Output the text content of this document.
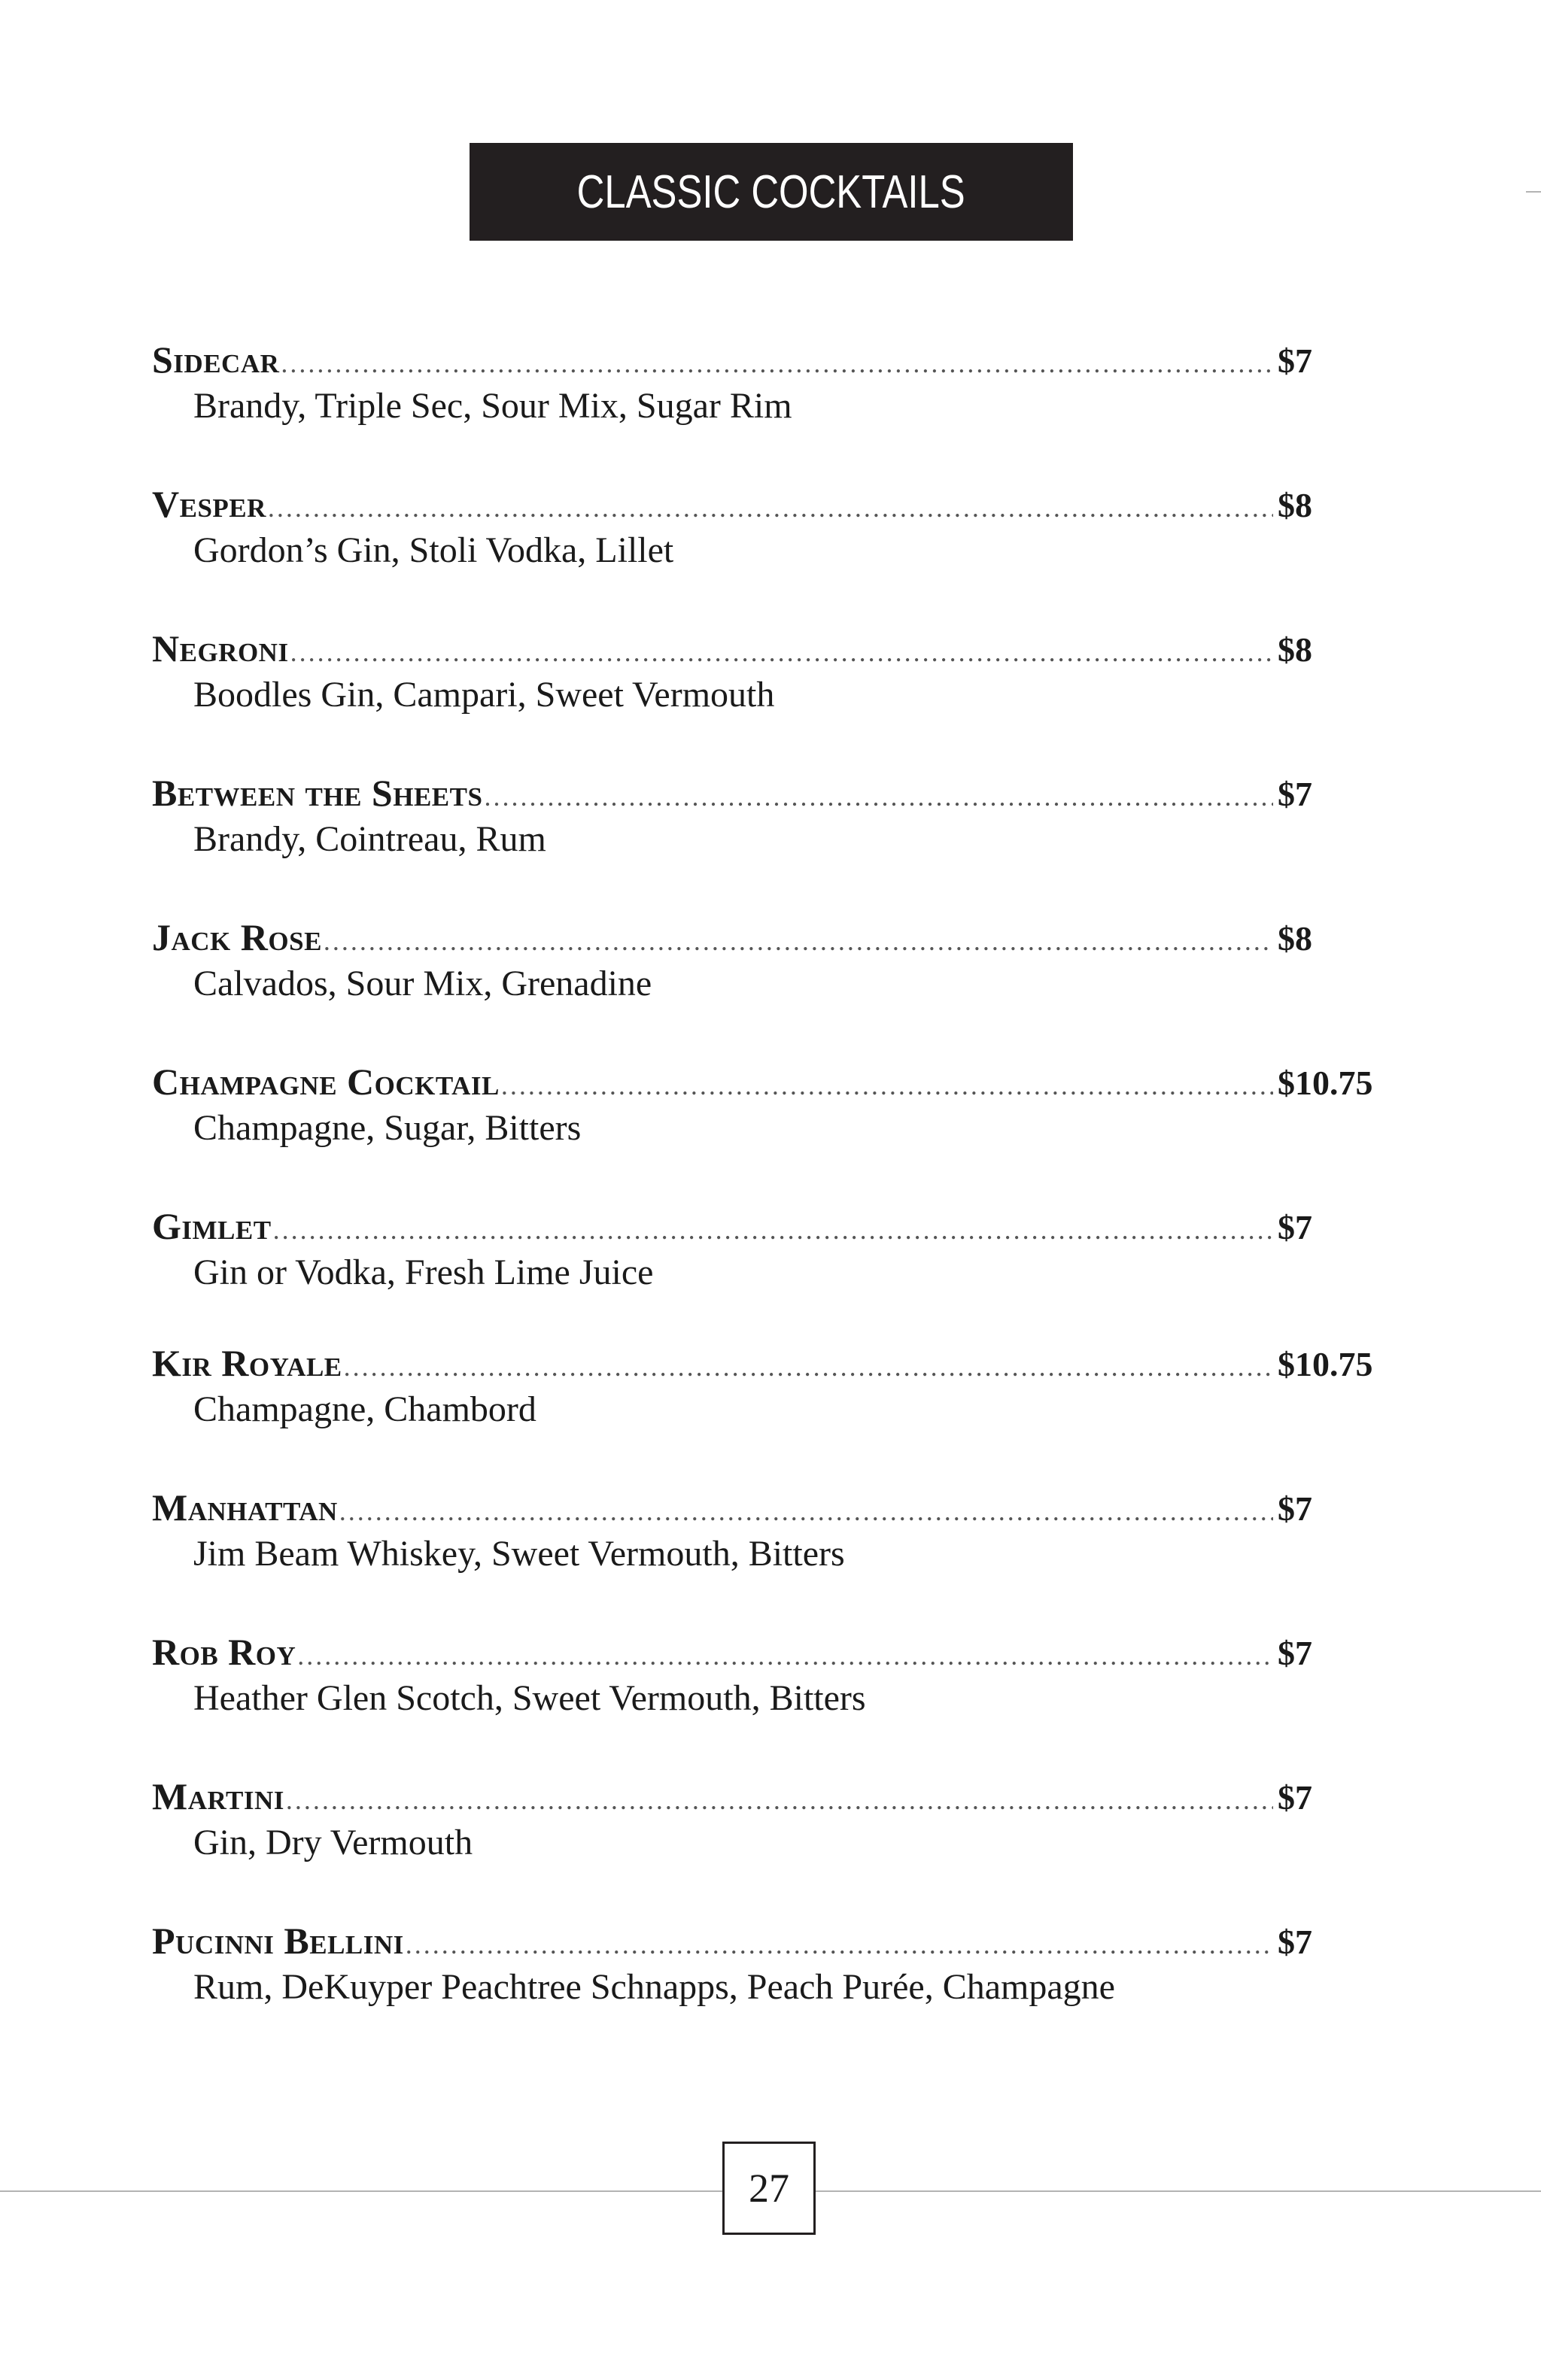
CLASSIC COCKTAILS
Sidecar .....	$7
Brandy, Triple Sec, Sour Mix, Sugar Rim
Vesper .....	$8
Gordon’s Gin, Stoli Vodka, Lillet
Negroni .....	$8
Boodles Gin, Campari, Sweet Vermouth
Between the Sheets .....	$7
Brandy, Cointreau, Rum
Jack Rose .....	$8
Calvados, Sour Mix, Grenadine
Champagne Cocktail .....	$10.75
Champagne, Sugar, Bitters
Gimlet .....	$7
Gin or Vodka, Fresh Lime Juice
Kir Royale .....	$10.75
Champagne, Chambord
Manhattan .....	$7
Jim Beam Whiskey, Sweet Vermouth, Bitters
Rob Roy .....	$7
Heather Glen Scotch, Sweet Vermouth, Bitters
Martini .....	$7
Gin, Dry Vermouth
Pucinni Bellini .....	$7
Rum, DeKuyper Peachtree Schnapps, Peach Purée, Champagne
27
